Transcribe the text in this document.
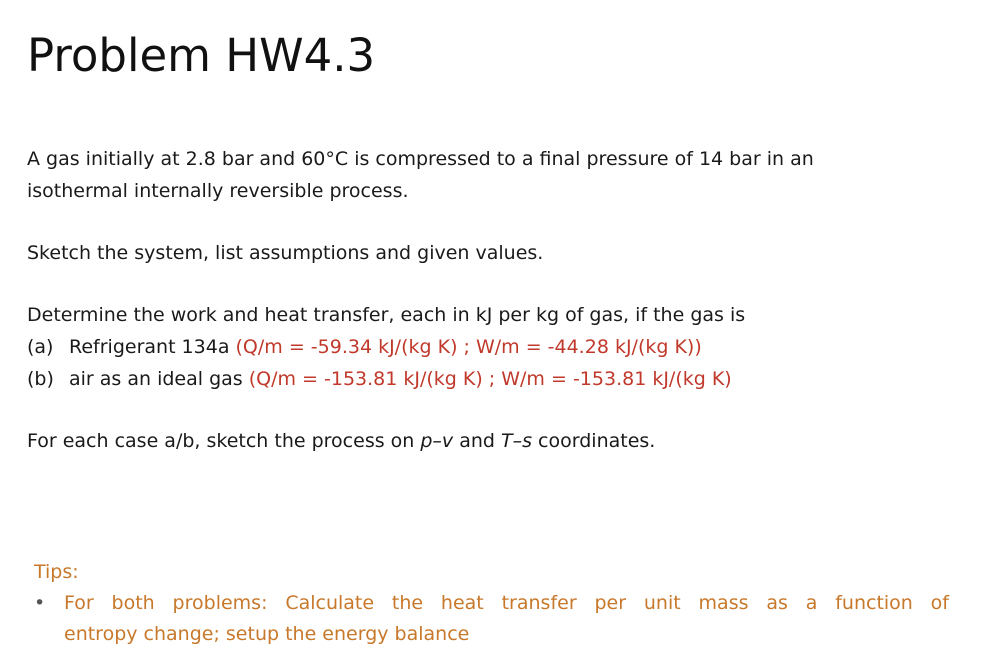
Problem HW4.3

A gas initially at 2.8 bar and 60°C is compressed to a final pressure of 14 bar in an
isothermal internally reversible process.

Sketch the system, list assumptions and given values.

Determine the work and heat transfer, each in kJ per kg of gas, if the gas is
(a) Refrigerant 134a (Q/m = -59.34 kJ/(kg K) ; W/m = -44.28 kJ/(kg K))
(b) air as an ideal gas (Q/m = -153.81 kJ/(kg K) ; W/m = -153.81 kJ/(kg K)

For each case a/b, sketch the process on p–v and T–s coordinates.

Tips:
• For both problems: Calculate the heat transfer per unit mass as a function of
entropy change; setup the energy balance
